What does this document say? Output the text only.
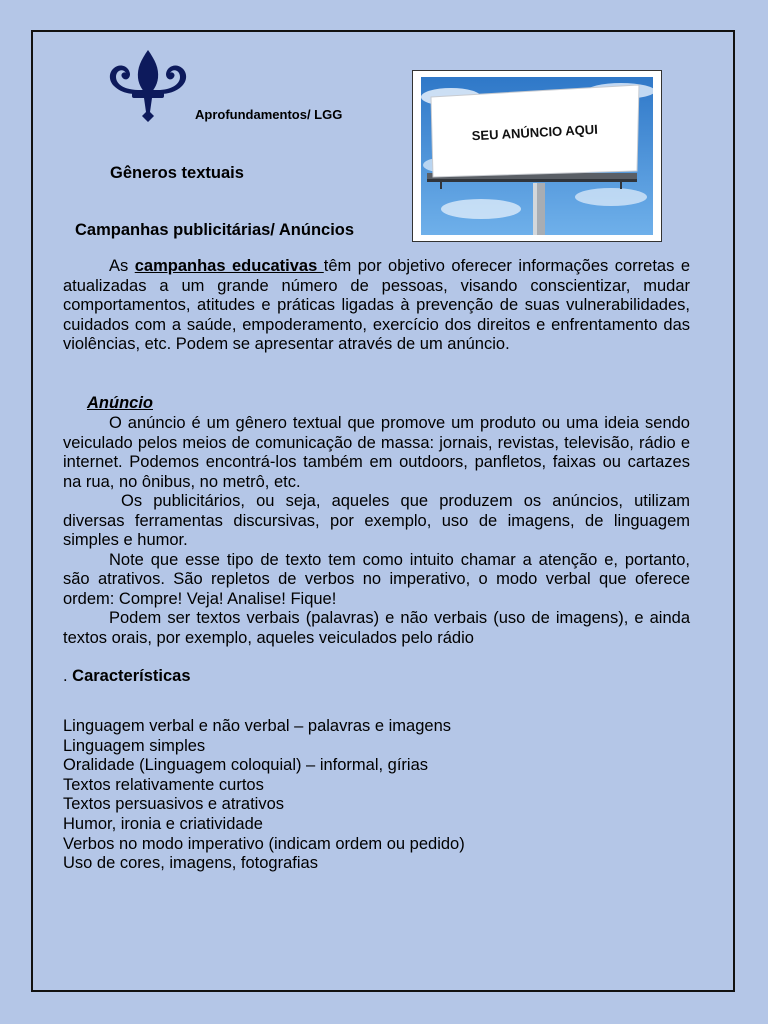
Aprofundamentos/ LGG
SEU ANÚNCIO AQUI
Gêneros textuais
Campanhas publicitárias/ Anúncios

As campanhas educativas têm por objetivo oferecer informações corretas e atualizadas a um grande número de pessoas, visando conscientizar, mudar comportamentos, atitudes e práticas ligadas à prevenção de suas vulnerabilidades, cuidados com a saúde, empoderamento, exercício dos direitos e enfrentamento das violências, etc. Podem se apresentar através de um anúncio.

Anúncio

O anúncio é um gênero textual que promove um produto ou uma ideia sendo veiculado pelos meios de comunicação de massa: jornais, revistas, televisão, rádio e internet. Podemos encontrá-los também em outdoors, panfletos, faixas ou cartazes na rua, no ônibus, no metrô, etc.

Os publicitários, ou seja, aqueles que produzem os anúncios, utilizam diversas ferramentas discursivas, por exemplo, uso de imagens, de linguagem simples e humor.

Note que esse tipo de texto tem como intuito chamar a atenção e, portanto, são atrativos. São repletos de verbos no imperativo, o modo verbal que oferece ordem: Compre! Veja! Analise! Fique!

Podem ser textos verbais (palavras) e não verbais (uso de imagens), e ainda textos orais, por exemplo, aqueles veiculados pelo rádio

. Características
Linguagem verbal e não verbal – palavras e imagens
Linguagem simples
Oralidade (Linguagem coloquial) – informal, gírias
Textos relativamente curtos
Textos persuasivos e atrativos
Humor, ironia e criatividade
Verbos no modo imperativo (indicam ordem ou pedido)
Uso de cores, imagens, fotografias
